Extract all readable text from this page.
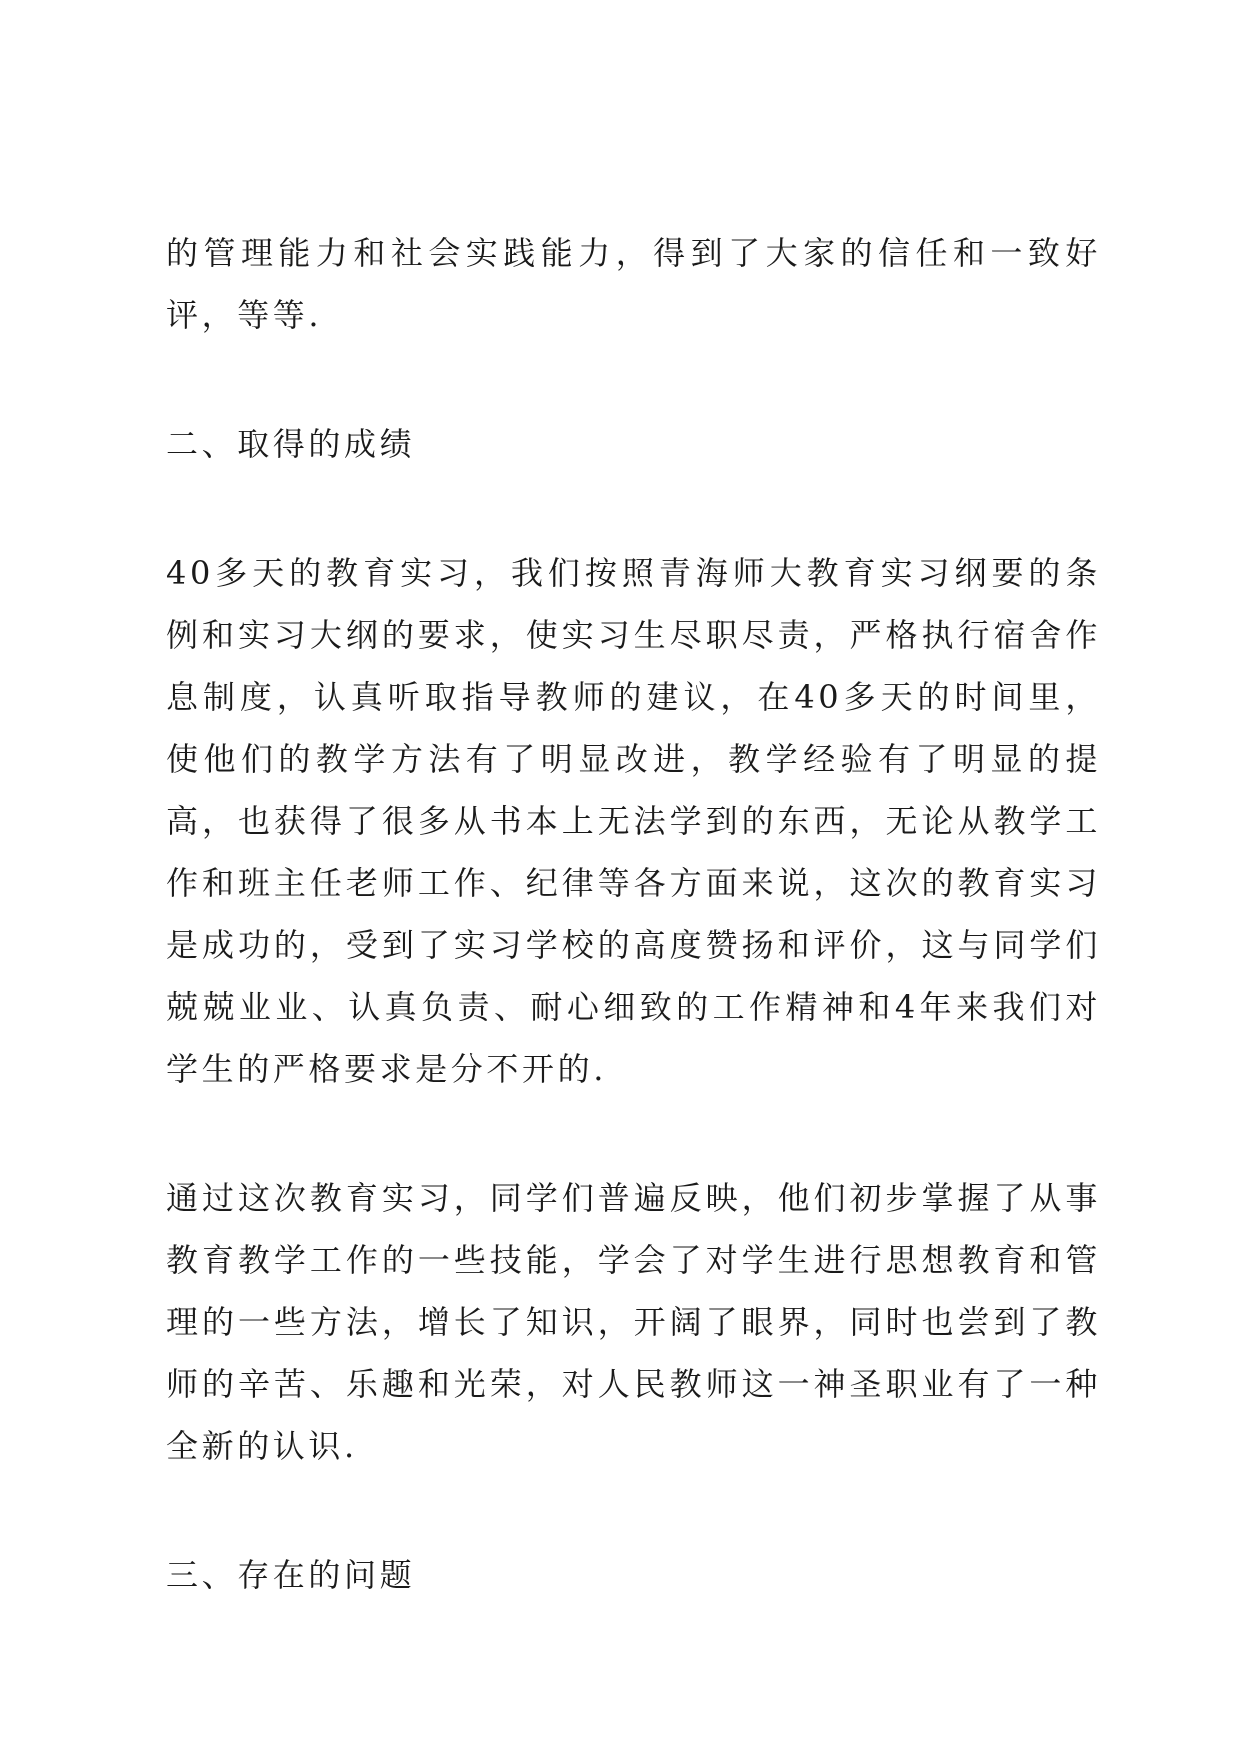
的管理能力和社会实践能力，得到了大家的信任和一致好评，等等.

二、取得的成绩

40多天的教育实习，我们按照青海师大教育实习纲要的条例和实习大纲的要求，使实习生尽职尽责，严格执行宿舍作息制度，认真听取指导教师的建议，在40多天的时间里，使他们的教学方法有了明显改进，教学经验有了明显的提高，也获得了很多从书本上无法学到的东西，无论从教学工作和班主任老师工作、纪律等各方面来说，这次的教育实习是成功的，受到了实习学校的高度赞扬和评价，这与同学们兢兢业业、认真负责、耐心细致的工作精神和4年来我们对学生的严格要求是分不开的.

通过这次教育实习，同学们普遍反映，他们初步掌握了从事教育教学工作的一些技能，学会了对学生进行思想教育和管理的一些方法，增长了知识，开阔了眼界，同时也尝到了教师的辛苦、乐趣和光荣，对人民教师这一神圣职业有了一种全新的认识.

三、存在的问题
